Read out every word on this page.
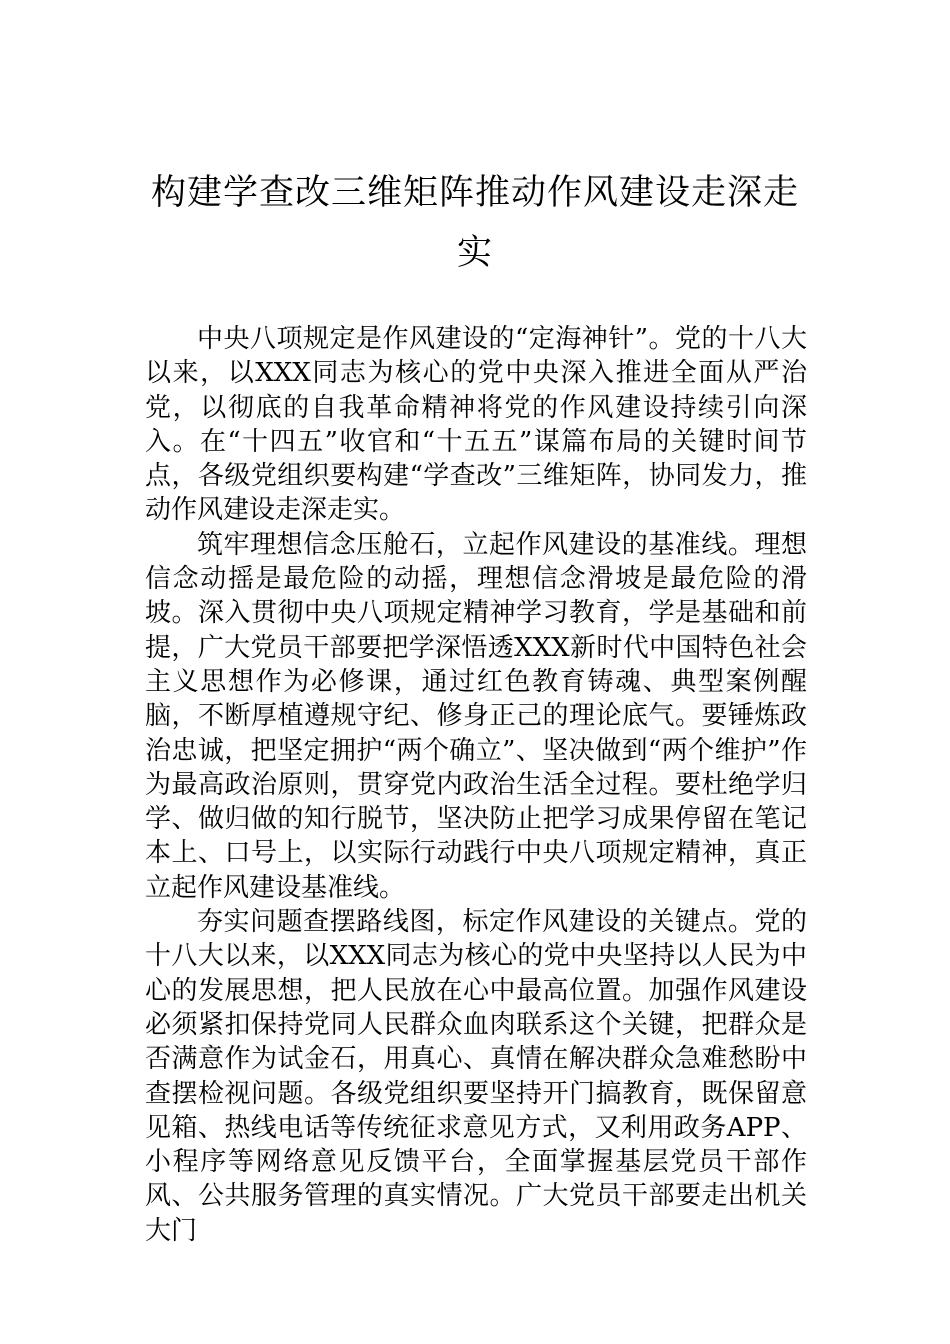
构建学查改三维矩阵推动作风建设走深走实

中央八项规定是作风建设的“定海神针”。党的十八大以来，以XXX同志为核心的党中央深入推进全面从严治党，以彻底的自我革命精神将党的作风建设持续引向深入。在“十四五”收官和“十五五”谋篇布局的关键时间节点，各级党组织要构建“学查改”三维矩阵，协同发力，推动作风建设走深走实。

筑牢理想信念压舱石，立起作风建设的基准线。理想信念动摇是最危险的动摇，理想信念滑坡是最危险的滑坡。深入贯彻中央八项规定精神学习教育，学是基础和前提，广大党员干部要把学深悟透XXX新时代中国特色社会主义思想作为必修课，通过红色教育铸魂、典型案例醒脑，不断厚植遵规守纪、修身正己的理论底气。要锤炼政治忠诚，把坚定拥护“两个确立”、坚决做到“两个维护”作为最高政治原则，贯穿党内政治生活全过程。要杜绝学归学、做归做的知行脱节，坚决防止把学习成果停留在笔记本上、口号上，以实际行动践行中央八项规定精神，真正立起作风建设基准线。

夯实问题查摆路线图，标定作风建设的关键点。党的十八大以来，以XXX同志为核心的党中央坚持以人民为中心的发展思想，把人民放在心中最高位置。加强作风建设必须紧扣保持党同人民群众血肉联系这个关键，把群众是否满意作为试金石，用真心、真情在解决群众急难愁盼中查摆检视问题。各级党组织要坚持开门搞教育，既保留意见箱、热线电话等传统征求意见方式，又利用政务APP、小程序等网络意见反馈平台，全面掌握基层党员干部作风、公共服务管理的真实情况。广大党员干部要走出机关大门
